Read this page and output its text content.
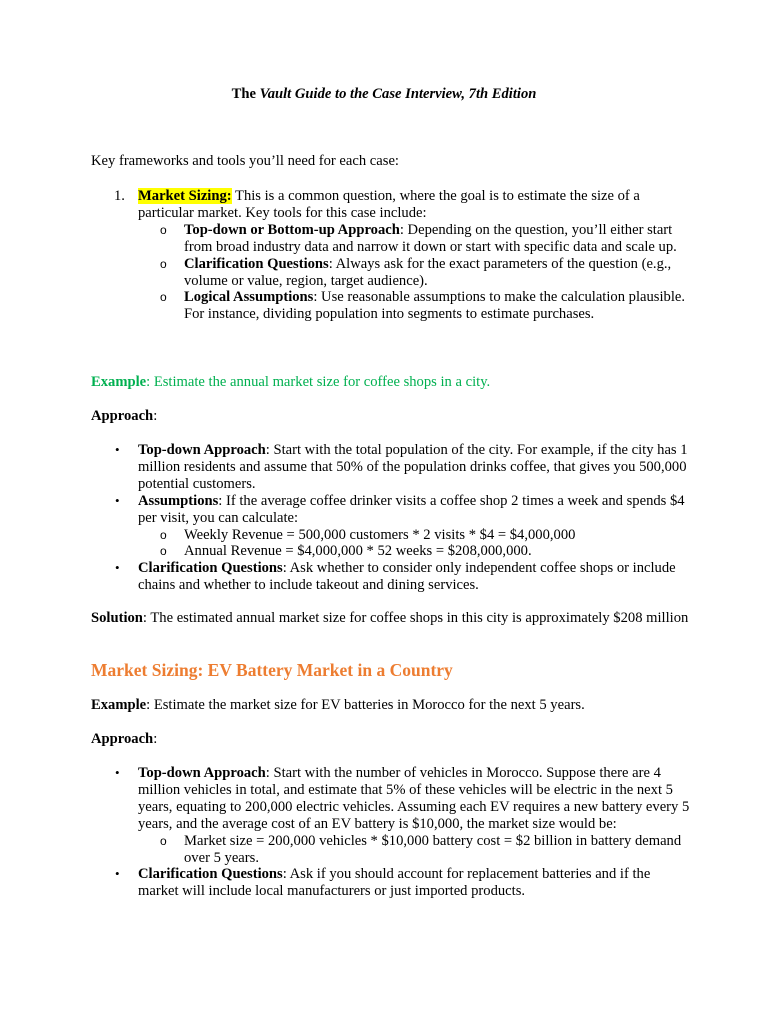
The Vault Guide to the Case Interview, 7th Edition
Key frameworks and tools you’ll need for each case:
1. Market Sizing: This is a common question, where the goal is to estimate the size of a particular market. Key tools for this case include:
o Top-down or Bottom-up Approach: Depending on the question, you’ll either start from broad industry data and narrow it down or start with specific data and scale up.
o Clarification Questions: Always ask for the exact parameters of the question (e.g., volume or value, region, target audience).
o Logical Assumptions: Use reasonable assumptions to make the calculation plausible. For instance, dividing population into segments to estimate purchases.
Example: Estimate the annual market size for coffee shops in a city.
Approach:
• Top-down Approach: Start with the total population of the city. For example, if the city has 1 million residents and assume that 50% of the population drinks coffee, that gives you 500,000 potential customers.
• Assumptions: If the average coffee drinker visits a coffee shop 2 times a week and spends $4 per visit, you can calculate:
o Weekly Revenue = 500,000 customers * 2 visits * $4 = $4,000,000
o Annual Revenue = $4,000,000 * 52 weeks = $208,000,000.
• Clarification Questions: Ask whether to consider only independent coffee shops or include chains and whether to include takeout and dining services.
Solution: The estimated annual market size for coffee shops in this city is approximately $208 million
Market Sizing: EV Battery Market in a Country
Example: Estimate the market size for EV batteries in Morocco for the next 5 years.
Approach:
• Top-down Approach: Start with the number of vehicles in Morocco. Suppose there are 4 million vehicles in total, and estimate that 5% of these vehicles will be electric in the next 5 years, equating to 200,000 electric vehicles. Assuming each EV requires a new battery every 5 years, and the average cost of an EV battery is $10,000, the market size would be:
o Market size = 200,000 vehicles * $10,000 battery cost = $2 billion in battery demand over 5 years.
• Clarification Questions: Ask if you should account for replacement batteries and if the market will include local manufacturers or just imported products.
